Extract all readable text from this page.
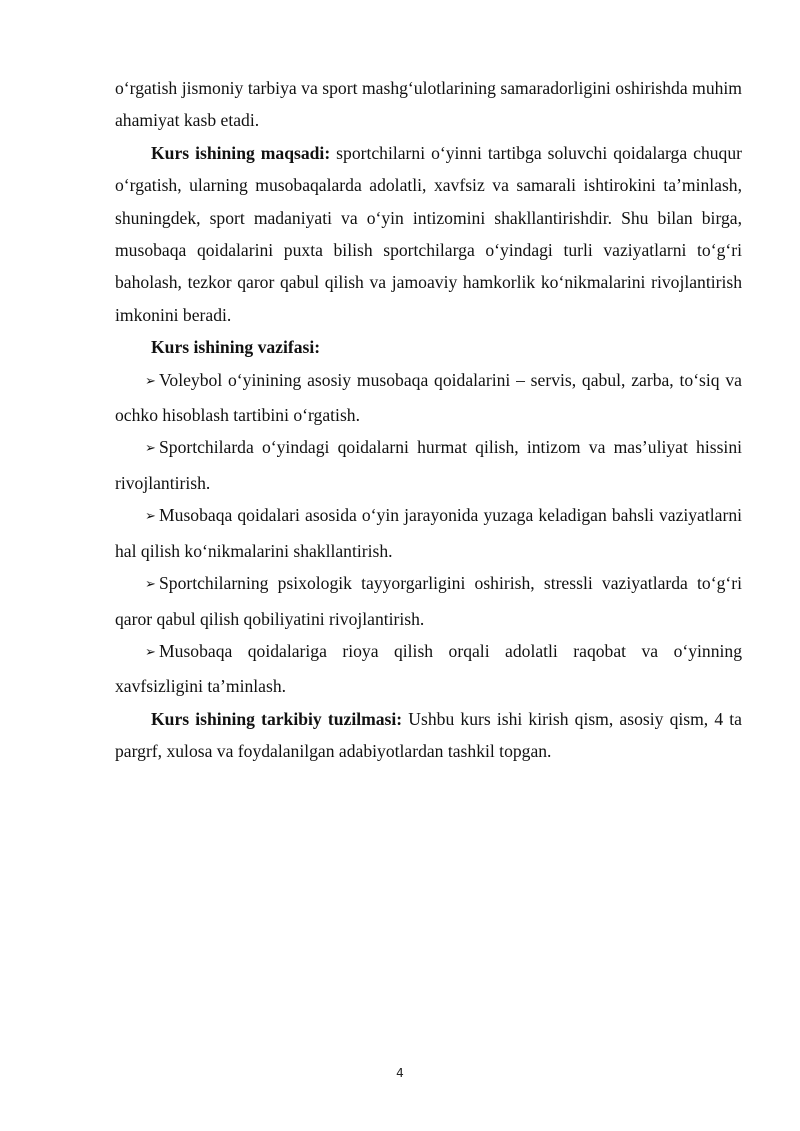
o‘rgatish jismoniy tarbiya va sport mashg‘ulotlarining samaradorligini oshirishda muhim ahamiyat kasb etadi.

Kurs ishining maqsadi: sportchilarni o‘yinni tartibga soluvchi qoidalarga chuqur o‘rgatish, ularning musobaqalarda adolatli, xavfsiz va samarali ishtirokini ta’minlash, shuningdek, sport madaniyati va o‘yin intizomini shakllantirishdir. Shu bilan birga, musobaqa qoidalarini puxta bilish sportchilarga o‘yindagi turli vaziyatlarni to‘g‘ri baholash, tezkor qaror qabul qilish va jamoaviy hamkorlik ko‘nikmalarini rivojlantirish imkonini beradi.

Kurs ishining vazifasi:

➢ Voleybol o‘yinining asosiy musobaqa qoidalarini – servis, qabul, zarba, to‘siq va ochko hisoblash tartibini o‘rgatish.

➢ Sportchilarda o‘yindagi qoidalarni hurmat qilish, intizom va mas’uliyat hissini rivojlantirish.

➢ Musobaqa qoidalari asosida o‘yin jarayonida yuzaga keladigan bahsli vaziyatlarni hal qilish ko‘nikmalarini shakllantirish.

➢ Sportchilarning psixologik tayyorgarligini oshirish, stressli vaziyatlarda to‘g‘ri qaror qabul qilish qobiliyatini rivojlantirish.

➢ Musobaqa qoidalariga rioya qilish orqali adolatli raqobat va o‘yinning xavfsizligini ta’minlash.

Kurs ishining tarkibiy tuzilmasi: Ushbu kurs ishi kirish qism, asosiy qism, 4 ta pargrf, xulosa va foydalanilgan adabiyotlardan tashkil topgan.

4
